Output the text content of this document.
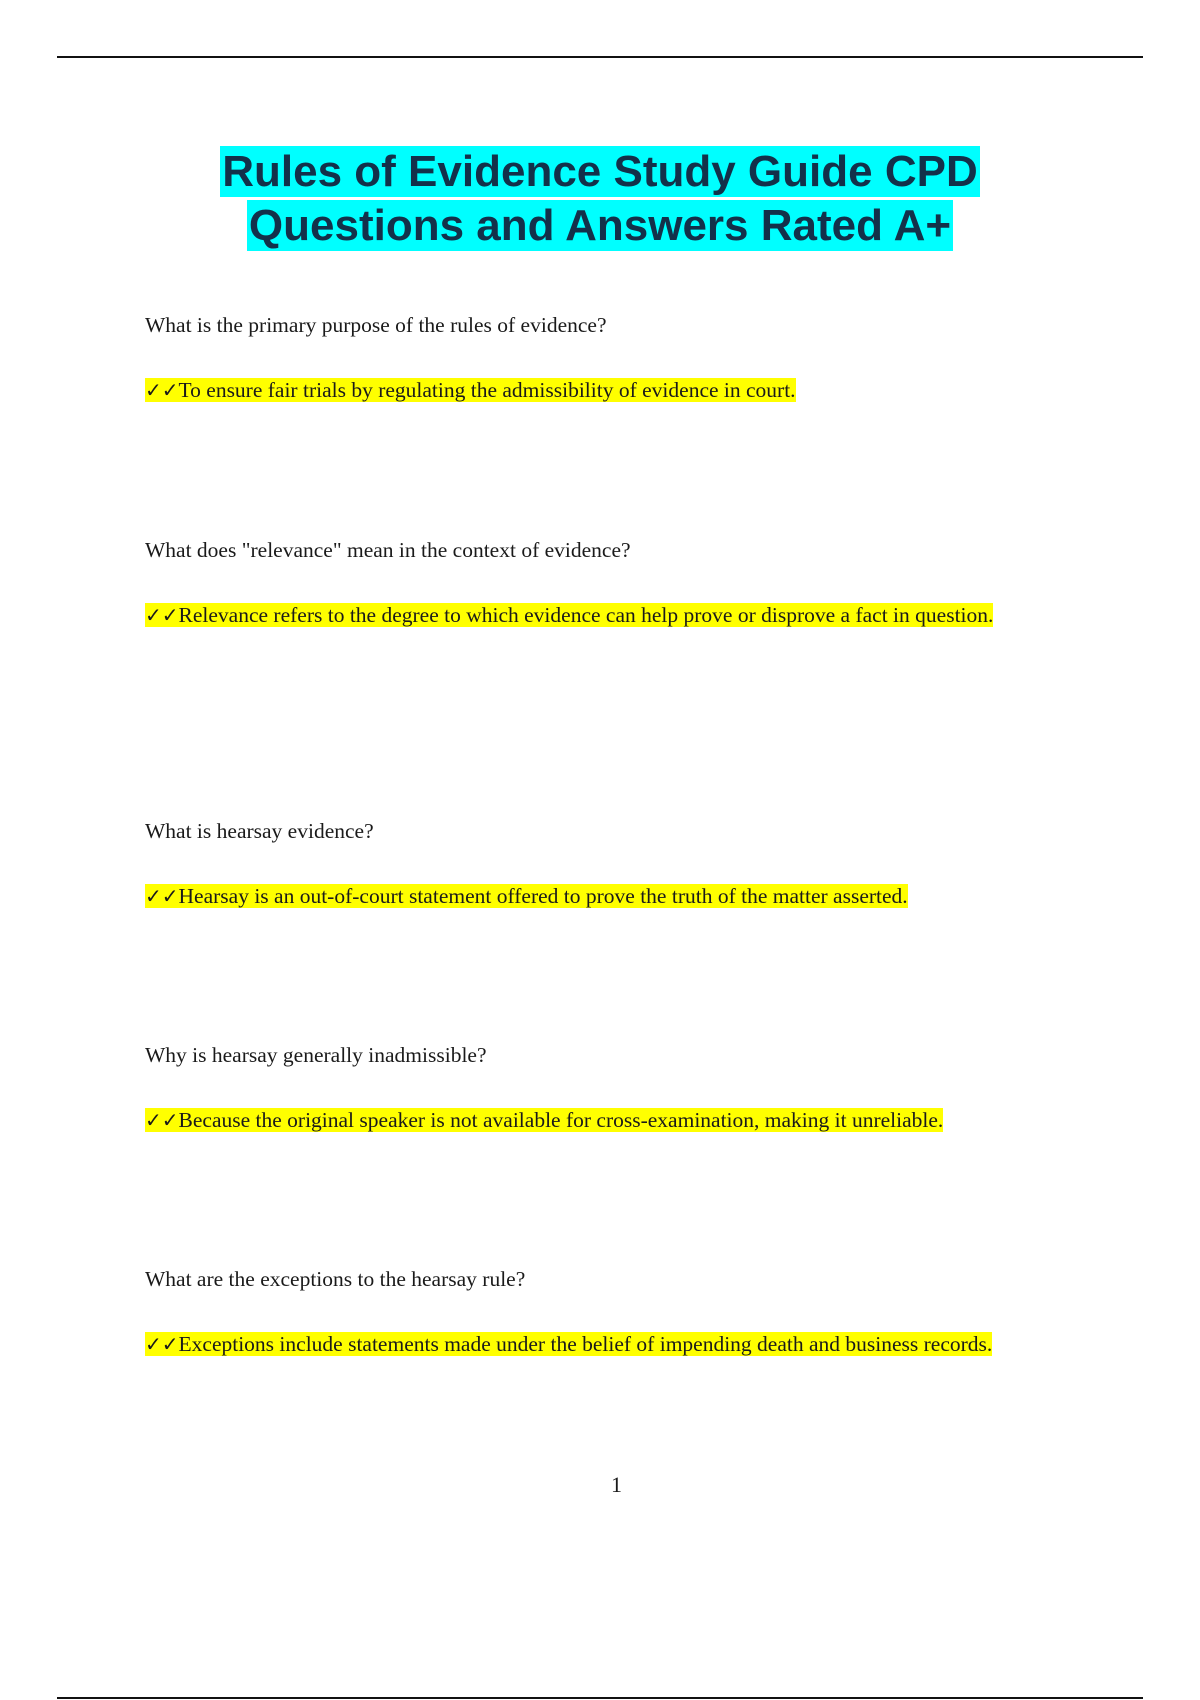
Rules of Evidence Study Guide CPD
Questions and Answers Rated A+

What is the primary purpose of the rules of evidence?

✓✓To ensure fair trials by regulating the admissibility of evidence in court.

What does "relevance" mean in the context of evidence?

✓✓Relevance refers to the degree to which evidence can help prove or disprove a fact in question.

What is hearsay evidence?

✓✓Hearsay is an out-of-court statement offered to prove the truth of the matter asserted.

Why is hearsay generally inadmissible?

✓✓Because the original speaker is not available for cross-examination, making it unreliable.

What are the exceptions to the hearsay rule?

✓✓Exceptions include statements made under the belief of impending death and business records.

1
